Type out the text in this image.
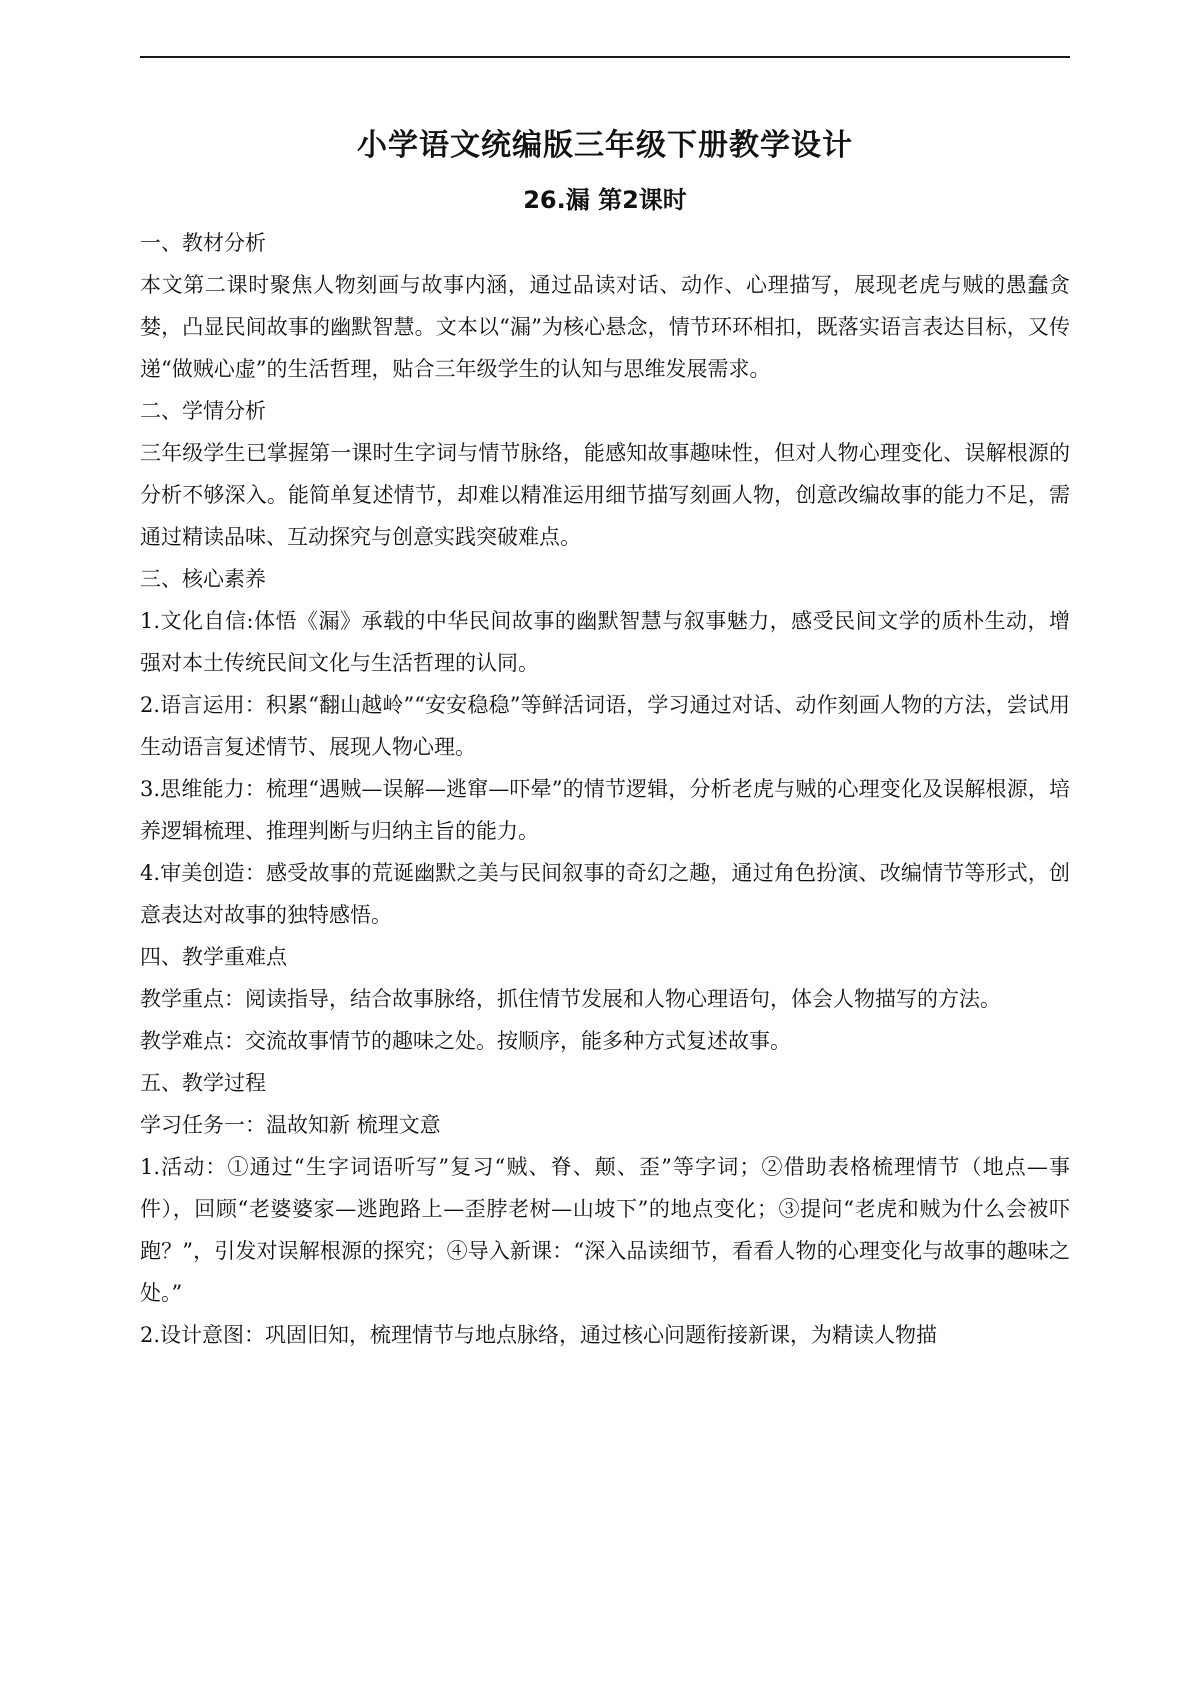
小学语文统编版三年级下册教学设计
26.漏 第2课时

一、教材分析

本文第二课时聚焦人物刻画与故事内涵，通过品读对话、动作、心理描写，展现老虎与贼的愚蠢贪婪，凸显民间故事的幽默智慧。文本以“漏”为核心悬念，情节环环相扣，既落实语言表达目标，又传递“做贼心虚”的生活哲理，贴合三年级学生的认知与思维发展需求。

二、学情分析

三年级学生已掌握第一课时生字词与情节脉络，能感知故事趣味性，但对人物心理变化、误解根源的分析不够深入。能简单复述情节，却难以精准运用细节描写刻画人物，创意改编故事的能力不足，需通过精读品味、互动探究与创意实践突破难点。

三、核心素养

1.文化自信:体悟《漏》承载的中华民间故事的幽默智慧与叙事魅力，感受民间文学的质朴生动，增强对本土传统民间文化与生活哲理的认同。

2.语言运用：积累“翻山越岭”“安安稳稳”等鲜活词语，学习通过对话、动作刻画人物的方法，尝试用生动语言复述情节、展现人物心理。

3.思维能力：梳理“遇贼—误解—逃窜—吓晕”的情节逻辑，分析老虎与贼的心理变化及误解根源，培养逻辑梳理、推理判断与归纳主旨的能力。

4.审美创造：感受故事的荒诞幽默之美与民间叙事的奇幻之趣，通过角色扮演、改编情节等形式，创意表达对故事的独特感悟。

四、教学重难点

教学重点：阅读指导，结合故事脉络，抓住情节发展和人物心理语句，体会人物描写的方法。

教学难点：交流故事情节的趣味之处。按顺序，能多种方式复述故事。

五、教学过程

学习任务一：温故知新 梳理文意

1.活动：①通过“生字词语听写”复习“贼、脊、颠、歪”等字词；②借助表格梳理情节（地点—事件），回顾“老婆婆家—逃跑路上—歪脖老树—山坡下”的地点变化；③提问“老虎和贼为什么会被吓跑？”，引发对误解根源的探究；④导入新课：“深入品读细节，看看人物的心理变化与故事的趣味之处。”

2.设计意图：巩固旧知，梳理情节与地点脉络，通过核心问题衔接新课，为精读人物描
